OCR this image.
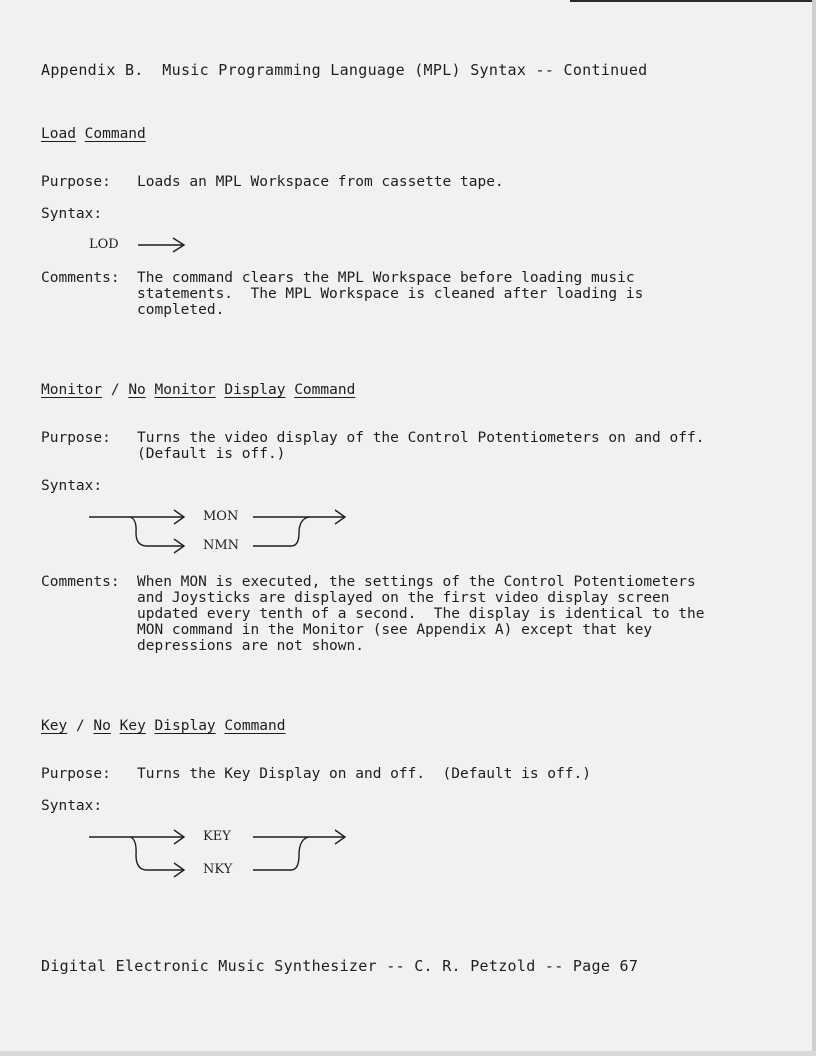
Appendix B.  Music Programming Language (MPL) Syntax -- Continued
Load Command
Purpose: Loads an MPL Workspace from cassette tape.
Syntax:
LOD
Comments: The command clears the MPL Workspace before loading music
statements.  The MPL Workspace is cleaned after loading is
completed.
Monitor / No Monitor Display Command
Purpose: Turns the video display of the Control Potentiometers on and off.
(Default is off.)
Syntax:
MON
NMN
Comments: When MON is executed, the settings of the Control Potentiometers
and Joysticks are displayed on the first video display screen
updated every tenth of a second.  The display is identical to the
MON command in the Monitor (see Appendix A) except that key
depressions are not shown.
Key / No Key Display Command
Purpose: Turns the Key Display on and off.  (Default is off.)
Syntax:
KEY
NKY
Digital Electronic Music Synthesizer -- C. R. Petzold -- Page 67
